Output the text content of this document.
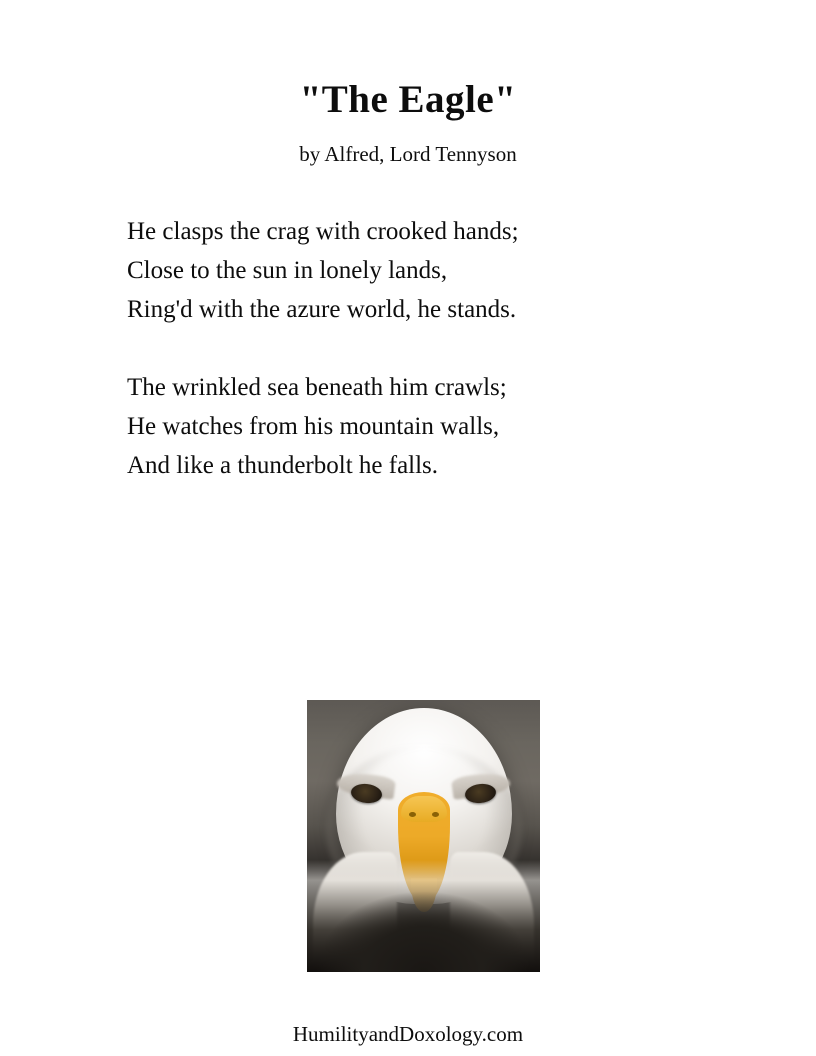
"The Eagle"
by Alfred, Lord Tennyson
He clasps the crag with crooked hands;
Close to the sun in lonely lands,
Ring'd with the azure world, he stands.
The wrinkled sea beneath him crawls;
He watches from his mountain walls,
And like a thunderbolt he falls.
HumilityandDoxology.com
